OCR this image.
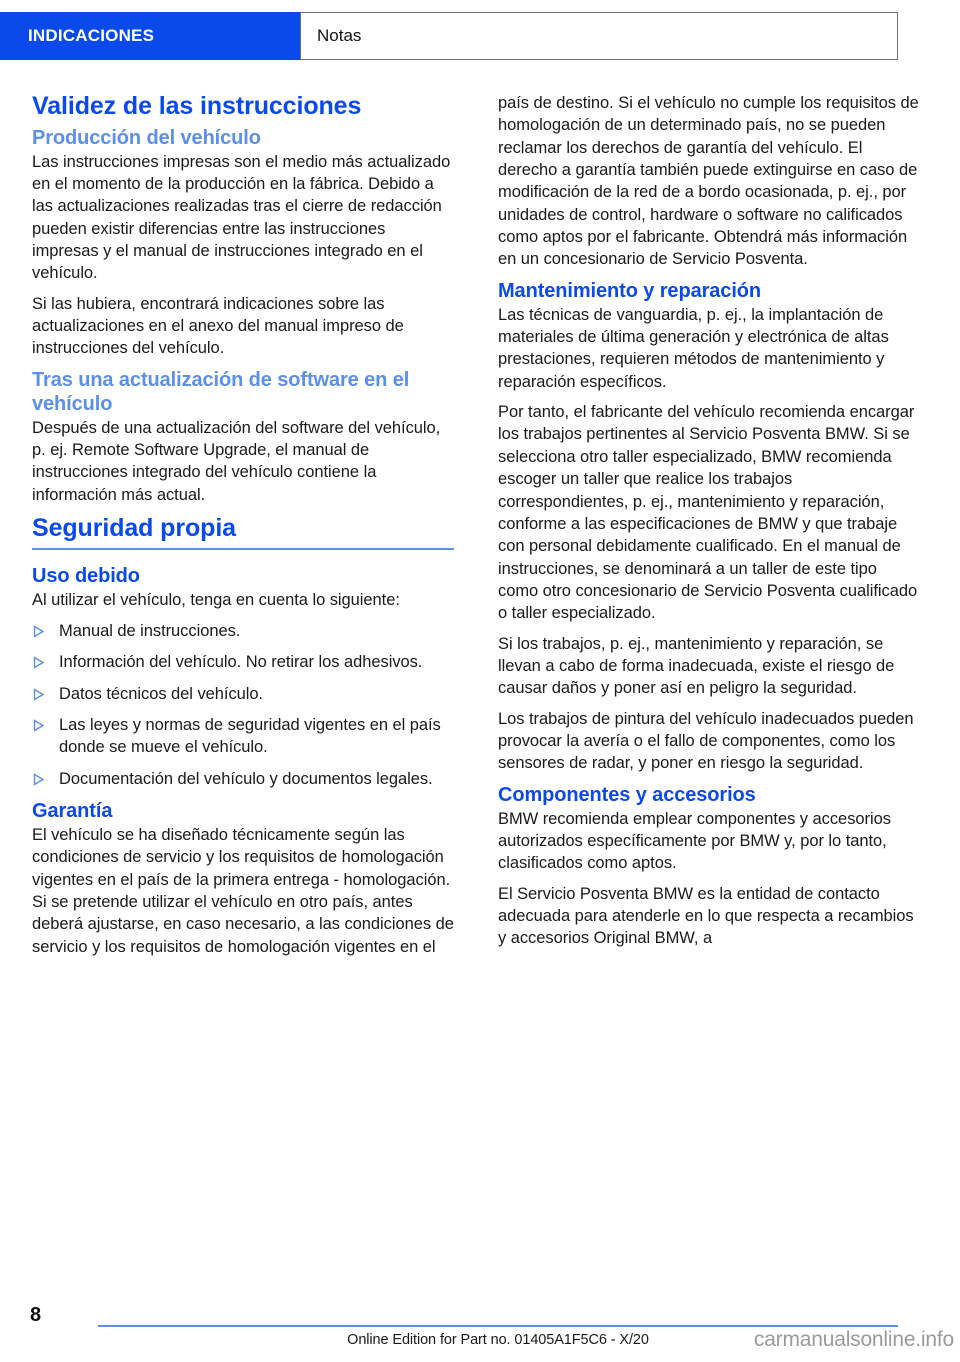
INDICACIONES	Notas
Validez de las instrucciones
Producción del vehículo

Las instrucciones impresas son el medio más actualizado en el momento de la producción en la fábrica. Debido a las actualizaciones realizadas tras el cierre de redacción pueden existir diferencias entre las instrucciones impresas y el manual de instrucciones integrado en el vehículo.

Si las hubiera, encontrará indicaciones sobre las actualizaciones en el anexo del manual impreso de instrucciones del vehículo.

Tras una actualización de software en el vehículo

Después de una actualización del software del vehículo, p. ej. Remote Software Upgrade, el manual de instrucciones integrado del vehículo contiene la información más actual.

Seguridad propia
Uso debido

Al utilizar el vehículo, tenga en cuenta lo siguiente:

Manual de instrucciones.
Información del vehículo. No retirar los adhesivos.
Datos técnicos del vehículo.
Las leyes y normas de seguridad vigentes en el país donde se mueve el vehículo.
Documentación del vehículo y documentos legales.
Garantía

El vehículo se ha diseñado técnicamente según las condiciones de servicio y los requisitos de homologación vigentes en el país de la primera entrega - homologación. Si se pretende utilizar el vehículo en otro país, antes deberá ajustarse, en caso necesario, a las condiciones de servicio y los requisitos de homologación vigentes en el

país de destino. Si el vehículo no cumple los requisitos de homologación de un determinado país, no se pueden reclamar los derechos de garantía del vehículo. El derecho a garantía también puede extinguirse en caso de modificación de la red de a bordo ocasionada, p. ej., por unidades de control, hardware o software no calificados como aptos por el fabricante. Obtendrá más información en un concesionario de Servicio Posventa.

Mantenimiento y reparación

Las técnicas de vanguardia, p. ej., la implantación de materiales de última generación y electrónica de altas prestaciones, requieren métodos de mantenimiento y reparación específicos.

Por tanto, el fabricante del vehículo recomienda encargar los trabajos pertinentes al Servicio Posventa BMW. Si se selecciona otro taller especializado, BMW recomienda escoger un taller que realice los trabajos correspondientes, p. ej., mantenimiento y reparación, conforme a las especificaciones de BMW y que trabaje con personal debidamente cualificado. En el manual de instrucciones, se denominará a un taller de este tipo como otro concesionario de Servicio Posventa cualificado o taller especializado.

Si los trabajos, p. ej., mantenimiento y reparación, se llevan a cabo de forma inadecuada, existe el riesgo de causar daños y poner así en peligro la seguridad.

Los trabajos de pintura del vehículo inadecuados pueden provocar la avería o el fallo de componentes, como los sensores de radar, y poner en riesgo la seguridad.

Componentes y accesorios

BMW recomienda emplear componentes y accesorios autorizados específicamente por BMW y, por lo tanto, clasificados como aptos.

El Servicio Posventa BMW es la entidad de contacto adecuada para atenderle en lo que respecta a recambios y accesorios Original BMW, a

8
Online Edition for Part no. 01405A1F5C6 - X/20	carmanualsonline.info
